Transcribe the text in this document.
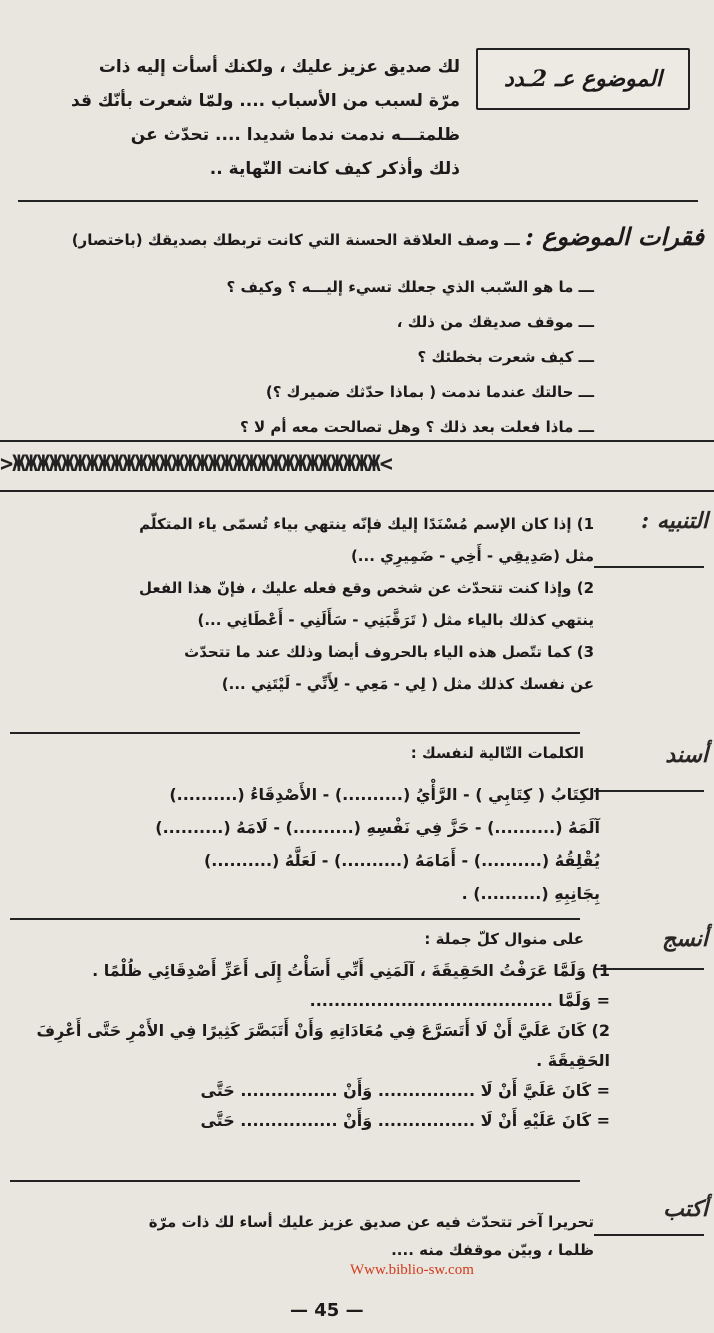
الموضوع عـ 2ـدد
لك صديق عزيز عليك ، ولكنك أسأت إليه ذات
مرّة لسبب من الأسباب .... ولمّا شعرت بأنّك قد
ظلمتـــه ندمت ندما شديدا .... تحدّث عن
ذلك وأذكر كيف كانت النّهاية ..
فقرات الموضوع : ـــ وصف العلاقة الحسنة التي كانت تربطك بصديقك (باختصار)
ـــ ما هو السّبب الذي جعلك تسيء إليـــه ؟ وكيف ؟
ـــ موقف صديقك من ذلك ،
ـــ كيف شعرت بخطئك ؟
ـــ حالتك عندما ندمت ( بماذا حدّثك ضميرك ؟)
ـــ ماذا فعلت بعد ذلك ؟ وهل تصالحت معه أم لا ؟
>ЖЖЖЖЖЖЖЖЖЖЖЖЖЖЖЖЖЖЖЖЖЖЖЖЖЖЖЖЖЖ<
التنبيه :

1) إذا كان الإسم مُسْنَدًا إليك فإنّه ينتهي بياء تُسمّى ياء المتكلّم

مثل (صَدِيقِي - أَخِي - ضَمِيرِي ...)

2) وإذا كنت تتحدّث عن شخص وقع فعله عليك ، فإنّ هذا الفعل

ينتهي كذلك بالياء مثل ( تَرَقَّبَنِي - سَأَلَنِي - أَعْطَانِي ...)

3) كما تتّصل هذه الياء بالحروف أيضا وذلك عند ما تتحدّث

عن نفسك كذلك مثل ( لِي - مَعِي - لِأَنِّي - لَيْتَنِي ...)

أسند
الكلمات التّالية لنفسك :
الكِتَابُ ( كِتَابِي ) - الرَّأْيُ (..........) - الأَصْدِقَاءُ (..........)
آلَمَهُ (..........) - حَزَّ فِي نَفْسِهِ (..........) - لَامَهُ (..........)
يُقْلِقُهُ (..........) - أَمَامَهُ (..........) - لَعَلَّهُ (..........)
بِجَانِبِهِ (..........) .
أنسج
على منوال كلّ جملة :

1) وَلَمَّا عَرَفْتُ الحَقِيقَةَ ، آلَمَنِي أَنِّي أَسَأْتُ إِلَى أَعَزِّ أَصْدِقَائِي ظُلْمًا .

= وَلَمَّا ........................................

2) كَانَ عَلَيَّ أَنْ لَا أَتَسَرَّعَ فِي مُعَادَاتِهِ وَأَنْ أَتَبَصَّرَ كَثِيرًا فِي الأَمْرِ حَتَّى أَعْرِفَ

الحَقِيقَةَ .

= كَانَ عَلَيَّ أَنْ لَا ................ وَأَنْ ................ حَتَّى

= كَانَ عَلَيْهِ أَنْ لَا ................ وَأَنْ ................ حَتَّى

أكتب
تحريرا آخر تتحدّث فيه عن صديق عزيز عليك أساء لك ذات مرّة
ظلما ، وبيّن موقفك منه ....
Www.biblio-sw.com
— 45 —
